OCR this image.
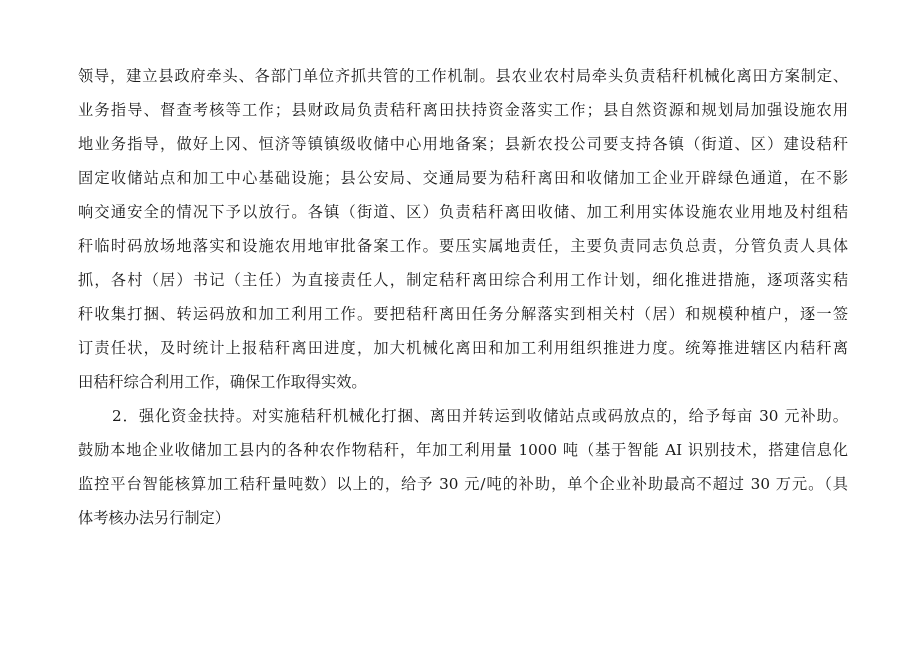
领导，建立县政府牵头、各部门单位齐抓共管的工作机制。县农业农村局牵头负责秸秆机械化离田方案制定、
业务指导、督查考核等工作；县财政局负责秸秆离田扶持资金落实工作；县自然资源和规划局加强设施农用
地业务指导，做好上冈、恒济等镇镇级收储中心用地备案；县新农投公司要支持各镇（街道、区）建设秸秆
固定收储站点和加工中心基础设施；县公安局、交通局要为秸秆离田和收储加工企业开辟绿色通道，在不影
响交通安全的情况下予以放行。各镇（街道、区）负责秸秆离田收储、加工利用实体设施农业用地及村组秸
秆临时码放场地落实和设施农用地审批备案工作。要压实属地责任，主要负责同志负总责，分管负责人具体
抓，各村（居）书记（主任）为直接责任人，制定秸秆离田综合利用工作计划，细化推进措施，逐项落实秸
秆收集打捆、转运码放和加工利用工作。要把秸秆离田任务分解落实到相关村（居）和规模种植户，逐一签
订责任状，及时统计上报秸秆离田进度，加大机械化离田和加工利用组织推进力度。统筹推进辖区内秸秆离
田秸秆综合利用工作，确保工作取得实效。
2．强化资金扶持。对实施秸秆机械化打捆、离田并转运到收储站点或码放点的，给予每亩 30 元补助。
鼓励本地企业收储加工县内的各种农作物秸秆，年加工利用量 1000 吨（基于智能 AI 识别技术，搭建信息化
监控平台智能核算加工秸秆量吨数）以上的，给予 30 元/吨的补助，单个企业补助最高不超过 30 万元。（具
体考核办法另行制定）
